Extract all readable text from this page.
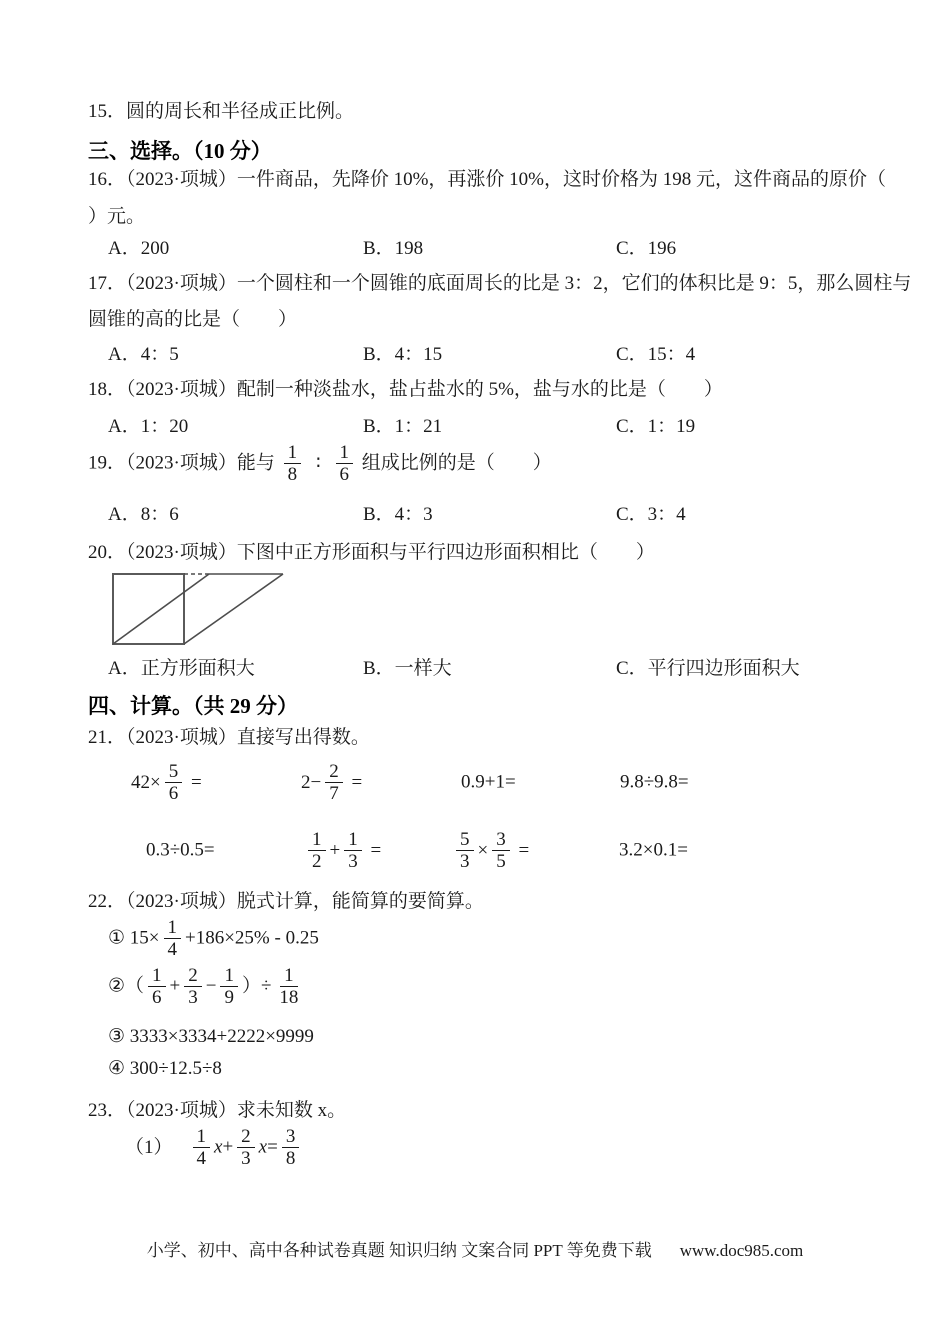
15．圆的周长和半径成正比例。

三、选择。（10 分）

16．（2023·项城）一件商品，先降价 10%，再涨价 10%，这时价格为 198 元，这件商品的原价（

）元。

A．200	B．198	C．196

17．（2023·项城）一个圆柱和一个圆锥的底面周长的比是 3：2，它们的体积比是 9：5，那么圆柱与

圆锥的高的比是（　　）

A．4：5	B．4：15	C．15：4

18．（2023·项城）配制一种淡盐水，盐占盐水的 5%，盐与水的比是（　　）

A．1：20	B．1：21	C．1：19

19．（2023·项城）能与 $\frac{1}{8}$ ∶ $\frac{1}{6}$ 组成比例的是（　　）

A．8：6	B．4：3	C．3：4

20．（2023·项城）下图中正方形面积与平行四边形面积相比（　　）

A．正方形面积大	B．一样大	C．平行四边形面积大

四、计算。（共 29 分）

21．（2023·项城）直接写出得数。

$42\times \frac{5}{6}$ =	$2- \frac{2}{7}$ =	0.9+1=	9.8÷9.8=
0.3÷0.5=	$\frac{1}{2} + \frac{1}{3}$ =	$\frac{5}{3} \times \frac{3}{5}$ =	3.2×0.1=

22．（2023·项城）脱式计算，能简算的要简算。

① $15\times \frac{1}{4} +186\times 25\% - 0.25$

②（ $\frac{1}{6} + \frac{2}{3} - \frac{1}{9}$ ）÷ $\frac{1}{18}$

③ 3333×3334+2222×9999

④ 300÷12.5÷8

23．（2023·项城）求未知数 x。

$(1) \frac{1}{4} x+ \frac{2}{3} x= \frac{3}{8}$

小学、初中、高中各种试卷真题 知识归纳 文案合同 PPT 等免费下载 www.doc985.com
